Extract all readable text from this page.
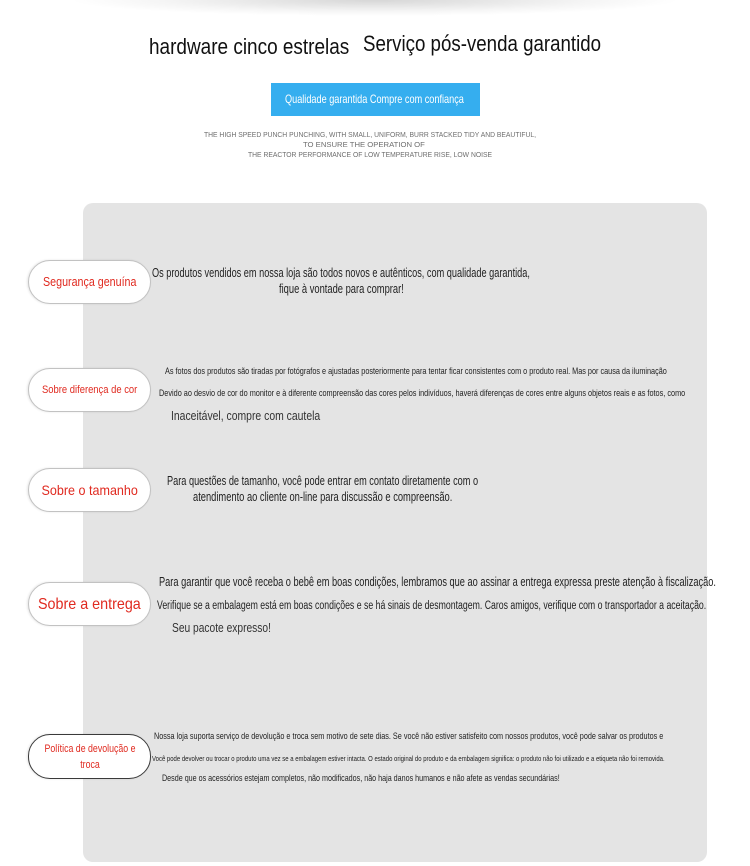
hardware cinco estrelas Serviço pós-venda garantido
Qualidade garantida Compre com confiança
THE HIGH SPEED PUNCH PUNCHING, WITH SMALL, UNIFORM, BURR STACKED TIDY AND BEAUTIFUL,
TO ENSURE THE OPERATION OF
THE REACTOR PERFORMANCE OF LOW TEMPERATURE RISE, LOW NOISE
Segurança genuína
Os produtos vendidos em nossa loja são todos novos e autênticos, com qualidade garantida,
fique à vontade para comprar!
Sobre diferença de cor
As fotos dos produtos são tiradas por fotógrafos e ajustadas posteriormente para tentar ficar consistentes com o produto real. Mas por causa da iluminação
Devido ao desvio de cor do monitor e à diferente compreensão das cores pelos indivíduos, haverá diferenças de cores entre alguns objetos reais e as fotos, como
Inaceitável, compre com cautela
Sobre o tamanho
Para questões de tamanho, você pode entrar em contato diretamente com o
atendimento ao cliente on-line para discussão e compreensão.
Sobre a entrega
Para garantir que você receba o bebê em boas condições, lembramos que ao assinar a entrega expressa preste atenção à fiscalização.
Verifique se a embalagem está em boas condições e se há sinais de desmontagem. Caros amigos, verifique com o transportador a aceitação.
Seu pacote expresso!
Política de devolução e troca
Nossa loja suporta serviço de devolução e troca sem motivo de sete dias. Se você não estiver satisfeito com nossos produtos, você pode salvar os produtos e
Você pode devolver ou trocar o produto uma vez se a embalagem estiver intacta. O estado original do produto e da embalagem significa: o produto não foi utilizado e a etiqueta não foi removida.
Desde que os acessórios estejam completos, não modificados, não haja danos humanos e não afete as vendas secundárias!
